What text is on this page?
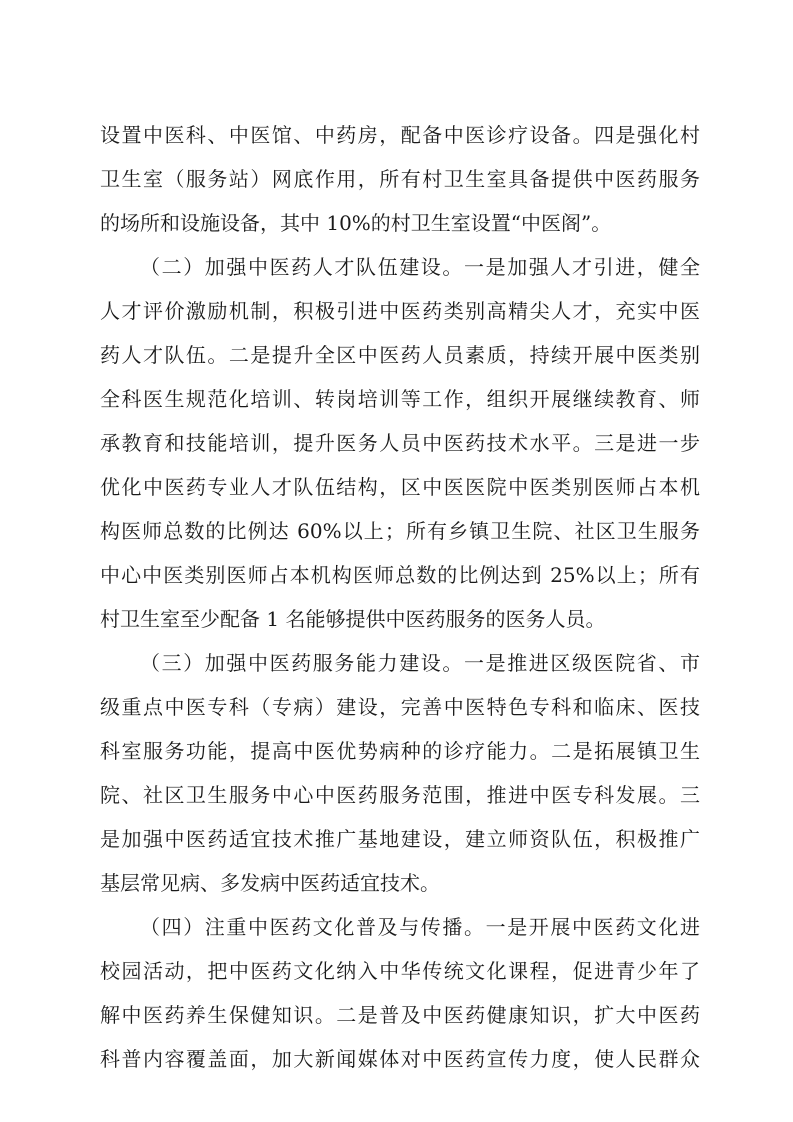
设置中医科、中医馆、中药房，配备中医诊疗设备。四是强化村
卫生室（服务站）网底作用，所有村卫生室具备提供中医药服务
的场所和设施设备，其中 10%的村卫生室设置“中医阁”。
（二）加强中医药人才队伍建设。一是加强人才引进，健全
人才评价激励机制，积极引进中医药类别高精尖人才，充实中医
药人才队伍。二是提升全区中医药人员素质，持续开展中医类别
全科医生规范化培训、转岗培训等工作，组织开展继续教育、师
承教育和技能培训，提升医务人员中医药技术水平。三是进一步
优化中医药专业人才队伍结构，区中医医院中医类别医师占本机
构医师总数的比例达 60%以上；所有乡镇卫生院、社区卫生服务
中心中医类别医师占本机构医师总数的比例达到 25%以上；所有
村卫生室至少配备 1 名能够提供中医药服务的医务人员。
（三）加强中医药服务能力建设。一是推进区级医院省、市
级重点中医专科（专病）建设，完善中医特色专科和临床、医技
科室服务功能，提高中医优势病种的诊疗能力。二是拓展镇卫生
院、社区卫生服务中心中医药服务范围，推进中医专科发展。三
是加强中医药适宜技术推广基地建设，建立师资队伍，积极推广
基层常见病、多发病中医药适宜技术。
（四）注重中医药文化普及与传播。一是开展中医药文化进
校园活动，把中医药文化纳入中华传统文化课程，促进青少年了
解中医药养生保健知识。二是普及中医药健康知识，扩大中医药
科普内容覆盖面，加大新闻媒体对中医药宣传力度，使人民群众
